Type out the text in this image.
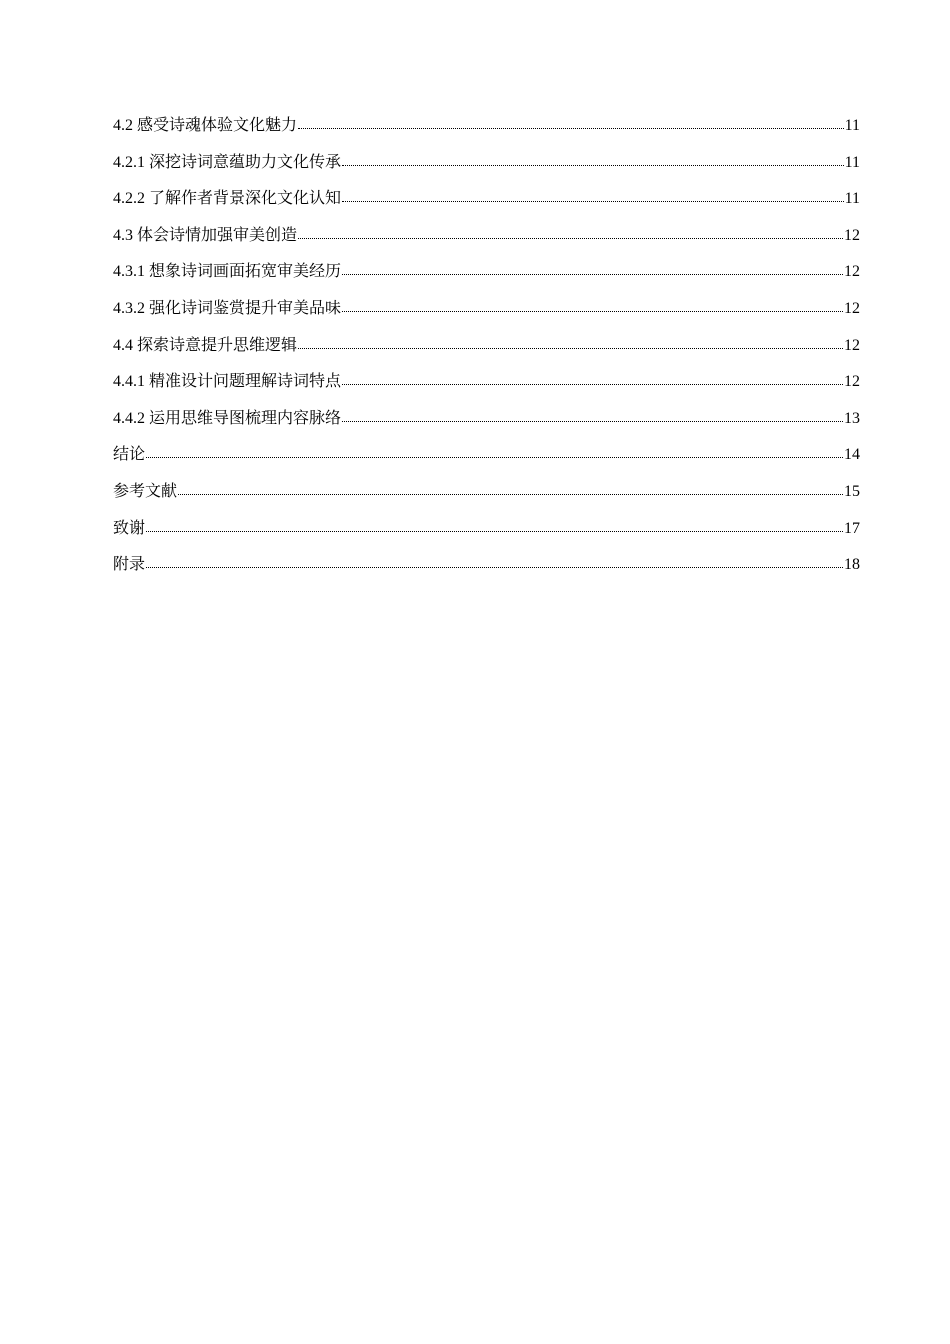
4.2 感受诗魂体验文化魅力	11
4.2.1 深挖诗词意蕴助力文化传承	11
4.2.2 了解作者背景深化文化认知	11
4.3 体会诗情加强审美创造	12
4.3.1 想象诗词画面拓宽审美经历	12
4.3.2 强化诗词鉴赏提升审美品味	12
4.4 探索诗意提升思维逻辑	12
4.4.1 精准设计问题理解诗词特点	12
4.4.2 运用思维导图梳理内容脉络	13
结论	14
参考文献	15
致谢	17
附录	18
